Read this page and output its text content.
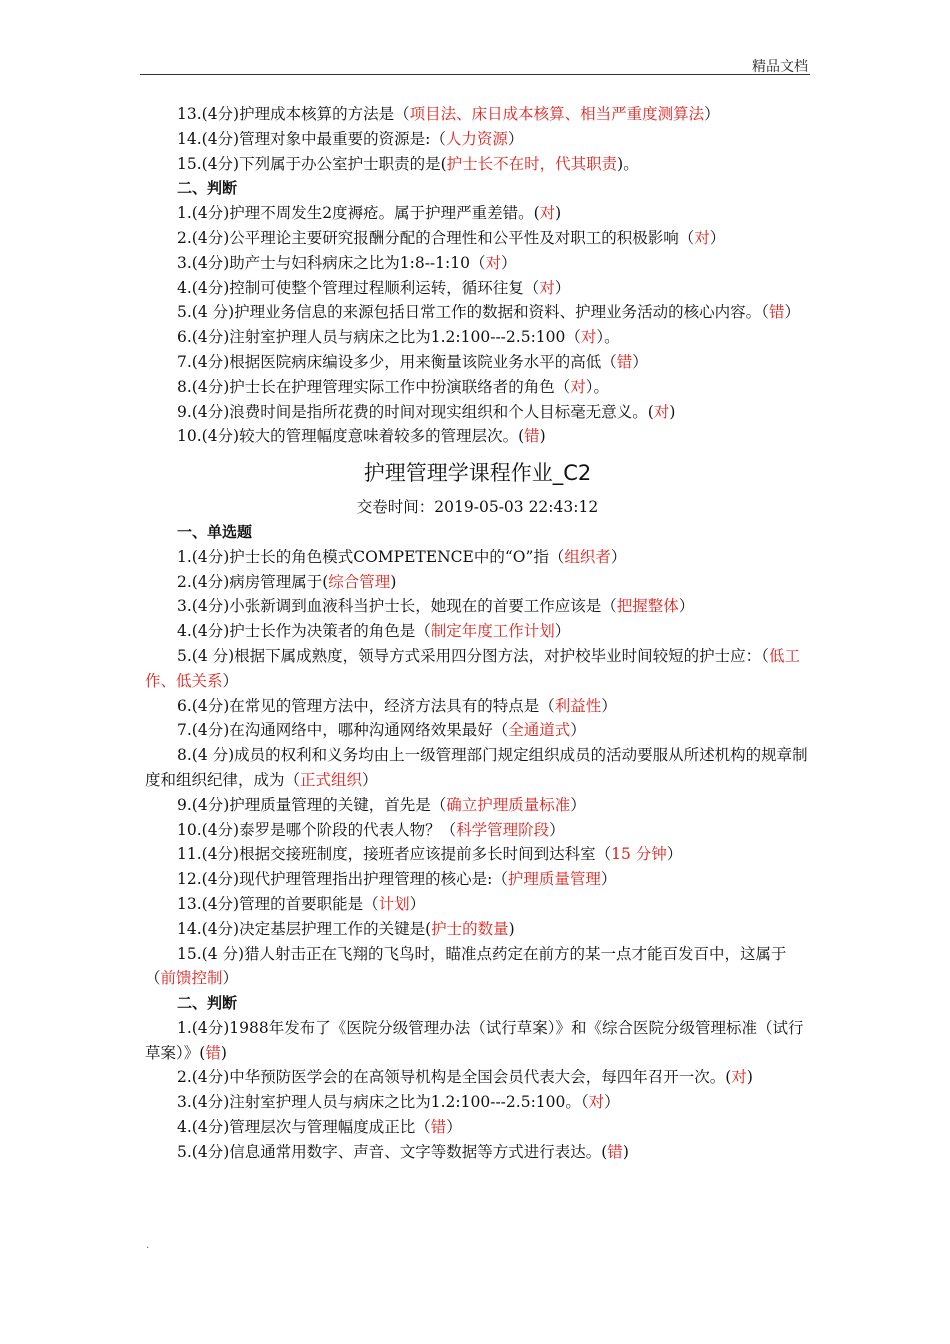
精品文档
13.(4分)护理成本核算的方法是（项目法、床日成本核算、相当严重度测算法）
14.(4分)管理对象中最重要的资源是:（人力资源）
15.(4分)下列属于办公室护士职责的是(护士长不在时，代其职责)。
二、判断
1.(4分)护理不周发生2度褥疮。属于护理严重差错。(对)
2.(4分)公平理论主要研究报酬分配的合理性和公平性及对职工的积极影响（对）
3.(4分)助产士与妇科病床之比为1:8--1:10（对）
4.(4分)控制可使整个管理过程顺利运转，循环往复（对）
5.(4 分)护理业务信息的来源包括日常工作的数据和资料、护理业务活动的核心内容。（错）
6.(4分)注射室护理人员与病床之比为1.2:100---2.5:100（对）。
7.(4分)根据医院病床编设多少，用来衡量该院业务水平的高低（错）
8.(4分)护士长在护理管理实际工作中扮演联络者的角色（对）。
9.(4分)浪费时间是指所花费的时间对现实组织和个人目标毫无意义。(对)
10.(4分)较大的管理幅度意味着较多的管理层次。(错)
护理管理学课程作业_C2
交卷时间：2019-05-03 22:43:12
一、单选题
1.(4分)护士长的角色模式COMPETENCE中的“O”指（组织者）
2.(4分)病房管理属于(综合管理)
3.(4分)小张新调到血液科当护士长，她现在的首要工作应该是（把握整体）
4.(4分)护士长作为决策者的角色是（制定年度工作计划）
5.(4 分)根据下属成熟度，领导方式采用四分图方法，对护校毕业时间较短的护士应：（低工作、低关系）
6.(4分)在常见的管理方法中，经济方法具有的特点是（利益性）
7.(4分)在沟通网络中，哪种沟通网络效果最好（全通道式）
8.(4 分)成员的权利和义务均由上一级管理部门规定组织成员的活动要服从所述机构的规章制度和组织纪律，成为（正式组织）
9.(4分)护理质量管理的关键，首先是（确立护理质量标准）
10.(4分)泰罗是哪个阶段的代表人物？（科学管理阶段）
11.(4分)根据交接班制度，接班者应该提前多长时间到达科室（15 分钟）
12.(4分)现代护理管理指出护理管理的核心是:（护理质量管理）
13.(4分)管理的首要职能是（计划）
14.(4分)决定基层护理工作的关键是(护士的数量)
15.(4 分)猎人射击正在飞翔的飞鸟时，瞄准点药定在前方的某一点才能百发百中，这属于（前馈控制）
二、判断
1.(4分)1988年发布了《医院分级管理办法（试行草案）》和《综合医院分级管理标准（试行草案）》(错)
2.(4分)中华预防医学会的在高领导机构是全国会员代表大会，每四年召开一次。(对)
3.(4分)注射室护理人员与病床之比为1.2:100---2.5:100。（对）
4.(4分)管理层次与管理幅度成正比（错）
5.(4分)信息通常用数字、声音、文字等数据等方式进行表达。(错)
.
